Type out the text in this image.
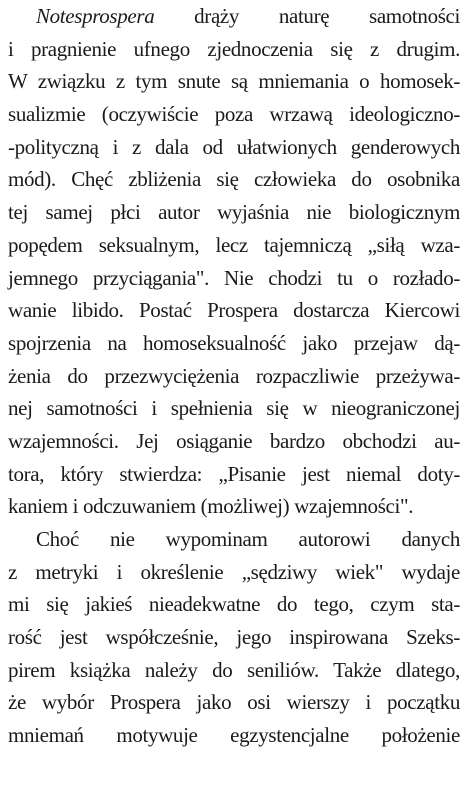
Notesprospera drąży naturę samotności
i pragnienie ufnego zjednoczenia się z drugim.
W związku z tym snute są mniemania o homosek-
sualizmie (oczywiście poza wrzawą ideologiczno-
-polityczną i z dala od ułatwionych genderowych
mód). Chęć zbliżenia się człowieka do osobnika
tej samej płci autor wyjaśnia nie biologicznym
popędem seksualnym, lecz tajemniczą „siłą wza-
jemnego przyciągania". Nie chodzi tu o rozłado-
wanie libido. Postać Prospera dostarcza Kiercowi
spojrzenia na homoseksualność jako przejaw dą-
żenia do przezwyciężenia rozpaczliwie przeżywa-
nej samotności i spełnienia się w nieograniczonej
wzajemności. Jej osiąganie bardzo obchodzi au-
tora, który stwierdza: „Pisanie jest niemal doty-
kaniem i odczuwaniem (możliwej) wzajemności".
Choć nie wypominam autorowi danych
z metryki i określenie „sędziwy wiek" wydaje
mi się jakieś nieadekwatne do tego, czym sta-
rość jest współcześnie, jego inspirowana Szeks-
pirem książka należy do seniliów. Także dlatego,
że wybór Prospera jako osi wierszy i początku
mniemań motywuje egzystencjalne położenie
